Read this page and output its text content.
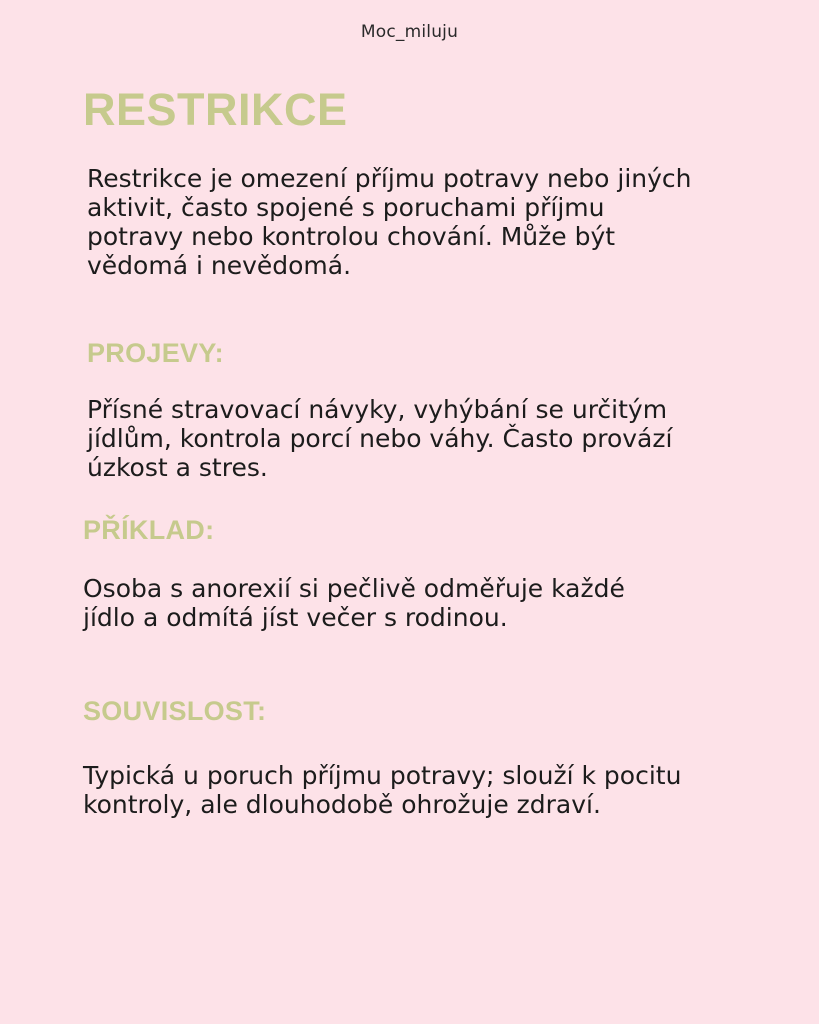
Moc_miluju
RESTRIKCE

Restrikce je omezení příjmu potravy nebo jiných aktivit, často spojené s poruchami příjmu potravy nebo kontrolou chování. Může být vědomá i nevědomá.

PROJEVY:

Přísné stravovací návyky, vyhýbání se určitým jídlům, kontrola porcí nebo váhy. Často provází úzkost a stres.

PŘÍKLAD:

Osoba s anorexií si pečlivě odměřuje každé jídlo a odmítá jíst večer s rodinou.

SOUVISLOST:

Typická u poruch příjmu potravy; slouží k pocitu kontroly, ale dlouhodobě ohrožuje zdraví.
